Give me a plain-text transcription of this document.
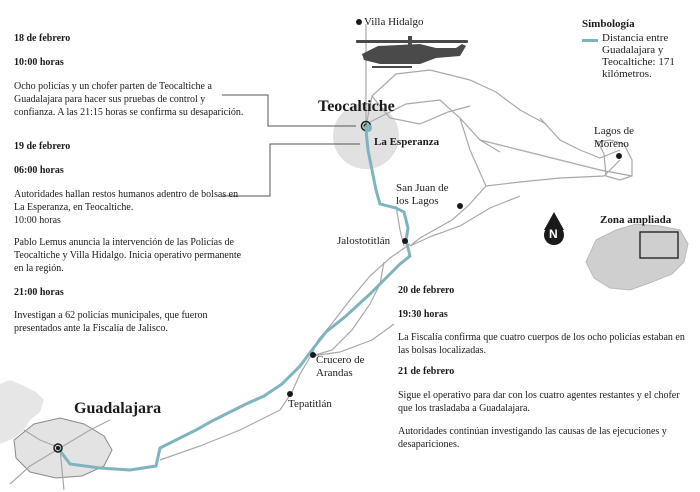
18 de febrero
10:00 horas
Ocho policías y un chofer parten de Teocaltiche a Guadalajara para hacer sus pruebas de control y confianza. A las 21:15 horas se confirma su desaparición.
19 de febrero
06:00 horas
Autoridades hallan restos humanos adentro de bolsas en La Esperanza, en Teocaltiche.
10:00 horas
Pablo Lemus anuncia la intervención de las Policías de Teocaltiche y Villa Hidalgo. Inicia operativo permanente en la región.
21:00 horas
Investigan a 62 policías municipales, que fueron presentados ante la Fiscalía de Jalisco.
20 de febrero
19:30 horas
La Fiscalía confirma que cuatro cuerpos de los ocho policías estaban en las bolsas localizadas.
21 de febrero
Sigue el operativo para dar con los cuatro agentes restantes y el chofer que los trasladaba a Guadalajara.
Autoridades continúan investigando las causas de las ejecuciones y desapariciones.
Simbología
Distancia entre Guadalajara y Teocaltiche: 171 kilómetros.
Villa Hidalgo
Teocaltiche
La Esperanza
Lagos de Moreno
San Juan de los Lagos
Jalostotitlán
Crucero de Arandas
Tepatitlán
Guadalajara
N
Zona ampliada
